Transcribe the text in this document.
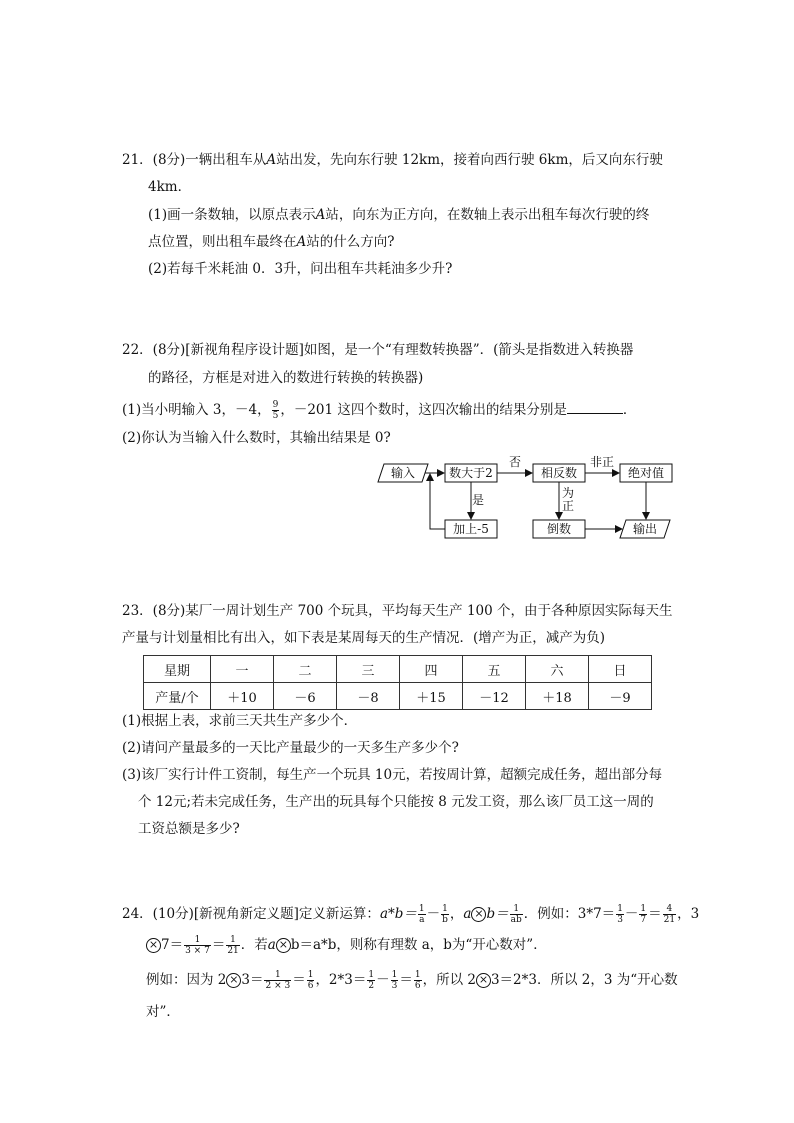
21．(8分)一辆出租车从A站出发，先向东行驶 12km，接着向西行驶 6km，后又向东行驶
4km．
(1)画一条数轴，以原点表示A站，向东为正方向，在数轴上表示出租车每次行驶的终
点位置，则出租车最终在A站的什么方向?
(2)若每千米耗油 0．3升，问出租车共耗油多少升?
22．(8分)[新视角程序设计题]如图，是一个“有理数转换器”．(箭头是指数进入转换器
的路径，方框是对进入的数进行转换的转换器)
(1)当小明输入 3，－4， $\frac{9}{5}$ ，－201 这四个数时，这四次输出的结果分别是	．
(2)你认为当输入什么数时，其输出结果是 0?
输入	数大于2
否
相反数
非正
绝对值
是	为
正
加上-5	倒数	输出
23．(8分)某厂一周计划生产 700 个玩具，平均每天生产 100 个，由于各种原因实际每天生
产量与计划量相比有出入，如下表是某周每天的生产情况．(增产为正，减产为负)
星期	一	二	三	四	五	六	日
产量/个	＋10	－6	－8	＋15	－12	＋18	－9
(1)根据上表，求前三天共生产多少个．
(2)请问产量最多的一天比产量最少的一天多生产多少个?
(3)该厂实行计件工资制，每生产一个玩具 10元，若按周计算，超额完成任务，超出部分每
个 12元;若未完成任务，生产出的玩具每个只能按 8 元发工资，那么该厂员工这一周的
工资总额是多少?
24．(10分)[新视角新定义题]定义新运算：$a*b= \frac{1}{a} - \frac{1}{b}$ ，$a \times b= \frac{1}{ab}$ ．例如：$3*7= \frac{1}{3} - \frac{1}{7} = \frac{4}{21}$ ，3
× $7= \frac{1}{3 \times 7} = \frac{1}{21}$ ．若a × b＝a*b，则称有理数 a，b为“开心数对”．
例如：因为 $2 \times 3= \frac{1}{2 \times 3} = \frac{1}{6}$ ，$2*3= \frac{1}{2} - \frac{1}{3} = \frac{1}{6}$ ，所以 2 × 3＝2*3．所以 2，3 为“开心数
对”．
